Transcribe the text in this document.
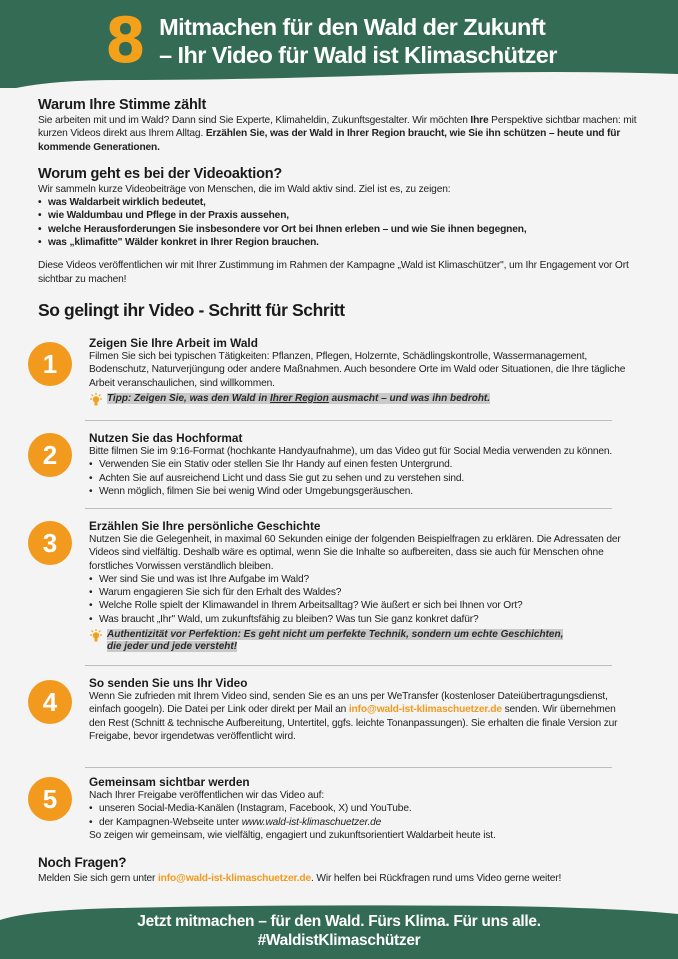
8 Mitmachen für den Wald der Zukunft
– Ihr Video für Wald ist Klimaschützer
Warum Ihre Stimme zählt

Sie arbeiten mit und im Wald? Dann sind Sie Experte, Klimaheldin, Zukunftsgestalter. Wir möchten Ihre Perspektive sichtbar machen: mit kurzen Videos direkt aus Ihrem Alltag. Erzählen Sie, was der Wald in Ihrer Region braucht, wie Sie ihn schützen – heute und für kommende Generationen.

Worum geht es bei der Videoaktion?

Wir sammeln kurze Videobeiträge von Menschen, die im Wald aktiv sind. Ziel ist es, zu zeigen:

• was Waldarbeit wirklich bedeutet,
• wie Waldumbau und Pflege in der Praxis aussehen,
• welche Herausforderungen Sie insbesondere vor Ort bei Ihnen erleben – und wie Sie ihnen begegnen,
• was „klimafitte" Wälder konkret in Ihrer Region brauchen.

Diese Videos veröffentlichen wir mit Ihrer Zustimmung im Rahmen der Kampagne „Wald ist Klimaschützer", um Ihr Engagement vor Ort sichtbar zu machen!

So gelingt ihr Video - Schritt für Schritt
1
Zeigen Sie Ihre Arbeit im Wald

Filmen Sie sich bei typischen Tätigkeiten: Pflanzen, Pflegen, Holzernte, Schädlingskontrolle, Wassermanagement, Bodenschutz, Naturverjüngung oder andere Maßnahmen. Auch besondere Orte im Wald oder Situationen, die Ihre tägliche Arbeit veranschaulichen, sind willkommen.

Tipp: Zeigen Sie, was den Wald in Ihrer Region ausmacht – und was ihn bedroht.
2
Nutzen Sie das Hochformat

Bitte filmen Sie im 9:16-Format (hochkante Handyaufnahme), um das Video gut für Social Media verwenden zu können.

• Verwenden Sie ein Stativ oder stellen Sie Ihr Handy auf einen festen Untergrund.
• Achten Sie auf ausreichend Licht und dass Sie gut zu sehen und zu verstehen sind.
• Wenn möglich, filmen Sie bei wenig Wind oder Umgebungsgeräuschen.
3
Erzählen Sie Ihre persönliche Geschichte

Nutzen Sie die Gelegenheit, in maximal 60 Sekunden einige der folgenden Beispielfragen zu erklären. Die Adressaten der Videos sind vielfältig. Deshalb wäre es optimal, wenn Sie die Inhalte so aufbereiten, dass sie auch für Menschen ohne forstliches Vorwissen verständlich bleiben.

• Wer sind Sie und was ist Ihre Aufgabe im Wald?
• Warum engagieren Sie sich für den Erhalt des Waldes?
• Welche Rolle spielt der Klimawandel in Ihrem Arbeitsalltag? Wie äußert er sich bei Ihnen vor Ort?
• Was braucht „Ihr" Wald, um zukunftsfähig zu bleiben? Was tun Sie ganz konkret dafür?
Authentizität vor Perfektion: Es geht nicht um perfekte Technik, sondern um echte Geschichten,
die jeder und jede versteht!
4
So senden Sie uns Ihr Video

Wenn Sie zufrieden mit Ihrem Video sind, senden Sie es an uns per WeTransfer (kostenloser Dateiübertragungsdienst, einfach googeln). Die Datei per Link oder direkt per Mail an info@wald-ist-klimaschuetzer.de senden. Wir übernehmen den Rest (Schnitt & technische Aufbereitung, Untertitel, ggfs. leichte Tonanpassungen). Sie erhalten die finale Version zur Freigabe, bevor irgendetwas veröffentlicht wird.

5
Gemeinsam sichtbar werden

Nach Ihrer Freigabe veröffentlichen wir das Video auf:

• unseren Social-Media-Kanälen (Instagram, Facebook, X) und YouTube.
• der Kampagnen-Webseite unter www.wald-ist-klimaschuetzer.de

So zeigen wir gemeinsam, wie vielfältig, engagiert und zukunftsorientiert Waldarbeit heute ist.

Noch Fragen?

Melden Sie sich gern unter info@wald-ist-klimaschuetzer.de. Wir helfen bei Rückfragen rund ums Video gerne weiter!

Jetzt mitmachen – für den Wald. Fürs Klima. Für uns alle.
#WaldistKlimaschützer
